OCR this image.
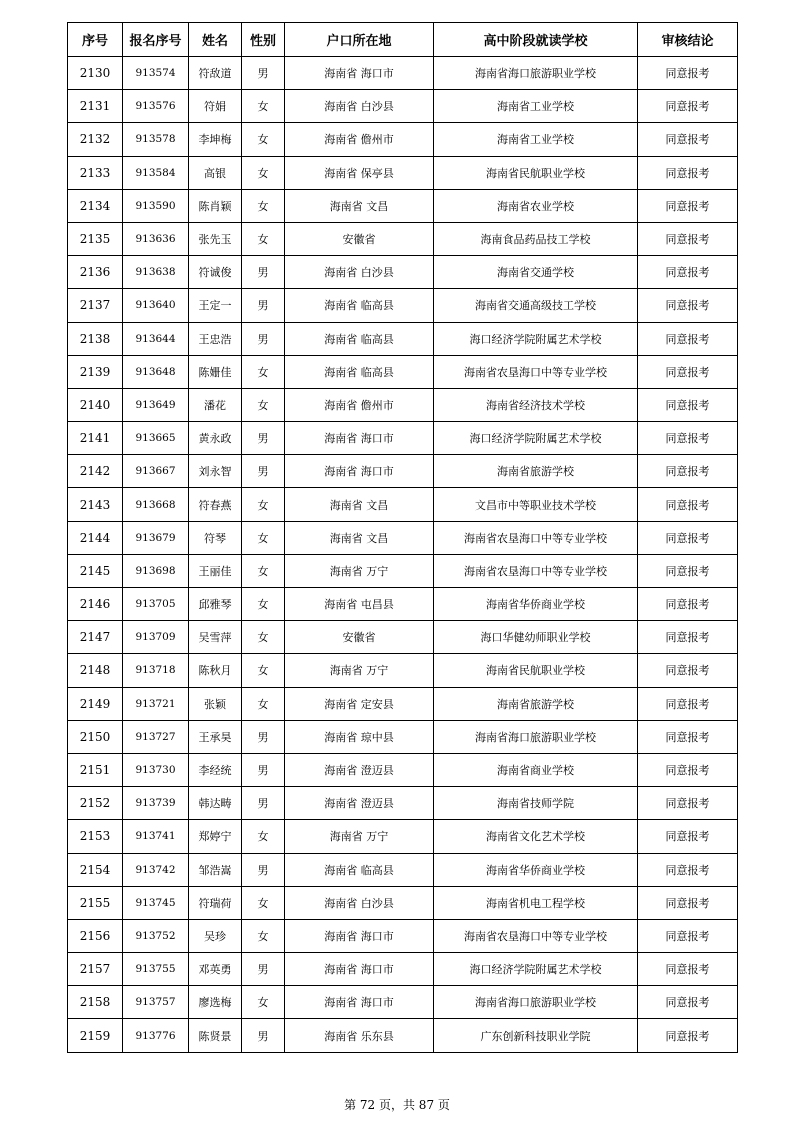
序号	报名序号	姓名	性别	户口所在地	高中阶段就读学校	审核结论
2130	913574	符敌道	男	海南省 海口市	海南省海口旅游职业学校	同意报考
2131	913576	符娟	女	海南省 白沙县	海南省工业学校	同意报考
2132	913578	李坤梅	女	海南省 儋州市	海南省工业学校	同意报考
2133	913584	高银	女	海南省 保亭县	海南省民航职业学校	同意报考
2134	913590	陈肖颖	女	海南省 文昌	海南省农业学校	同意报考
2135	913636	张先玉	女	安徽省	海南食品药品技工学校	同意报考
2136	913638	符诚俊	男	海南省 白沙县	海南省交通学校	同意报考
2137	913640	王定一	男	海南省 临高县	海南省交通高级技工学校	同意报考
2138	913644	王忠浩	男	海南省 临高县	海口经济学院附属艺术学校	同意报考
2139	913648	陈姗佳	女	海南省 临高县	海南省农垦海口中等专业学校	同意报考
2140	913649	潘花	女	海南省 儋州市	海南省经济技术学校	同意报考
2141	913665	黄永政	男	海南省 海口市	海口经济学院附属艺术学校	同意报考
2142	913667	刘永智	男	海南省 海口市	海南省旅游学校	同意报考
2143	913668	符春燕	女	海南省 文昌	文昌市中等职业技术学校	同意报考
2144	913679	符琴	女	海南省 文昌	海南省农垦海口中等专业学校	同意报考
2145	913698	王丽佳	女	海南省 万宁	海南省农垦海口中等专业学校	同意报考
2146	913705	邱雅琴	女	海南省 屯昌县	海南省华侨商业学校	同意报考
2147	913709	吴雪萍	女	安徽省	海口华健幼师职业学校	同意报考
2148	913718	陈秋月	女	海南省 万宁	海南省民航职业学校	同意报考
2149	913721	张颖	女	海南省 定安县	海南省旅游学校	同意报考
2150	913727	王承昊	男	海南省 琼中县	海南省海口旅游职业学校	同意报考
2151	913730	李经统	男	海南省 澄迈县	海南省商业学校	同意报考
2152	913739	韩达畴	男	海南省 澄迈县	海南省技师学院	同意报考
2153	913741	郑婷宁	女	海南省 万宁	海南省文化艺术学校	同意报考
2154	913742	邹浩嵩	男	海南省 临高县	海南省华侨商业学校	同意报考
2155	913745	符瑞荷	女	海南省 白沙县	海南省机电工程学校	同意报考
2156	913752	吴珍	女	海南省 海口市	海南省农垦海口中等专业学校	同意报考
2157	913755	邓英勇	男	海南省 海口市	海口经济学院附属艺术学校	同意报考
2158	913757	廖选梅	女	海南省 海口市	海南省海口旅游职业学校	同意报考
2159	913776	陈贤景	男	海南省 乐东县	广东创新科技职业学院	同意报考
第 72 页，共 87 页
